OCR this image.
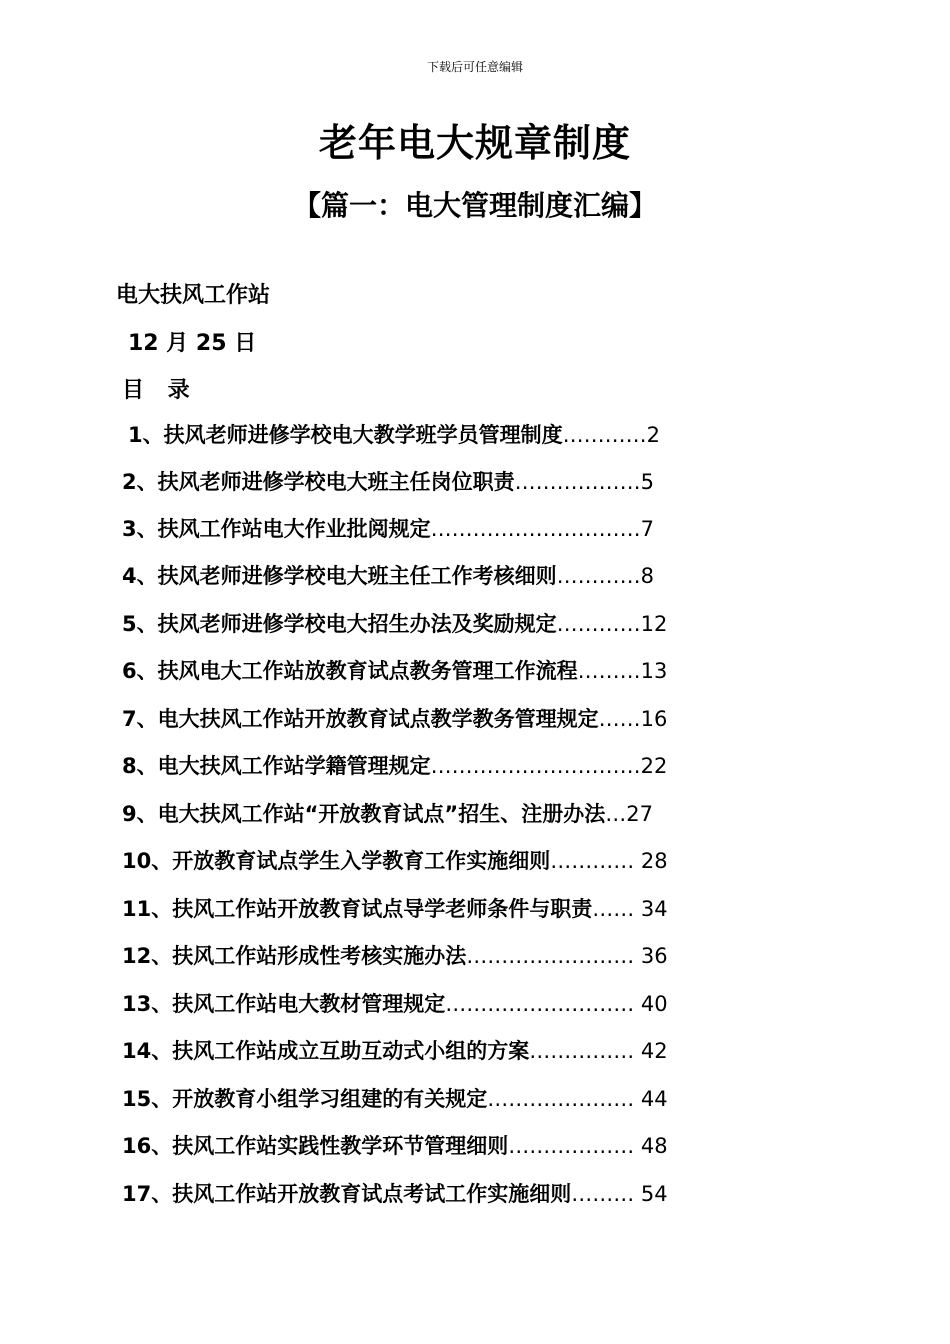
下载后可任意编辑
老年电大规章制度
【篇一：电大管理制度汇编】
电大扶风工作站
12 月 25 日
目 录
1、扶风老师进修学校电大教学班学员管理制度…………2
2、扶风老师进修学校电大班主任岗位职责………………5
3、扶风工作站电大作业批阅规定…………………………7
4、扶风老师进修学校电大班主任工作考核细则…………8
5、扶风老师进修学校电大招生办法及奖励规定…………12
6、扶风电大工作站放教育试点教务管理工作流程………13
7、电大扶风工作站开放教育试点教学教务管理规定……16
8、电大扶风工作站学籍管理规定…………………………22
9、电大扶风工作站“开放教育试点”招生、注册办法…27
10、开放教育试点学生入学教育工作实施细则………… 28
11、扶风工作站开放教育试点导学老师条件与职责…… 34
12、扶风工作站形成性考核实施办法…………………… 36
13、扶风工作站电大教材管理规定……………………… 40
14、扶风工作站成立互助互动式小组的方案…………… 42
15、开放教育小组学习组建的有关规定………………… 44
16、扶风工作站实践性教学环节管理细则……………… 48
17、扶风工作站开放教育试点考试工作实施细则……… 54
